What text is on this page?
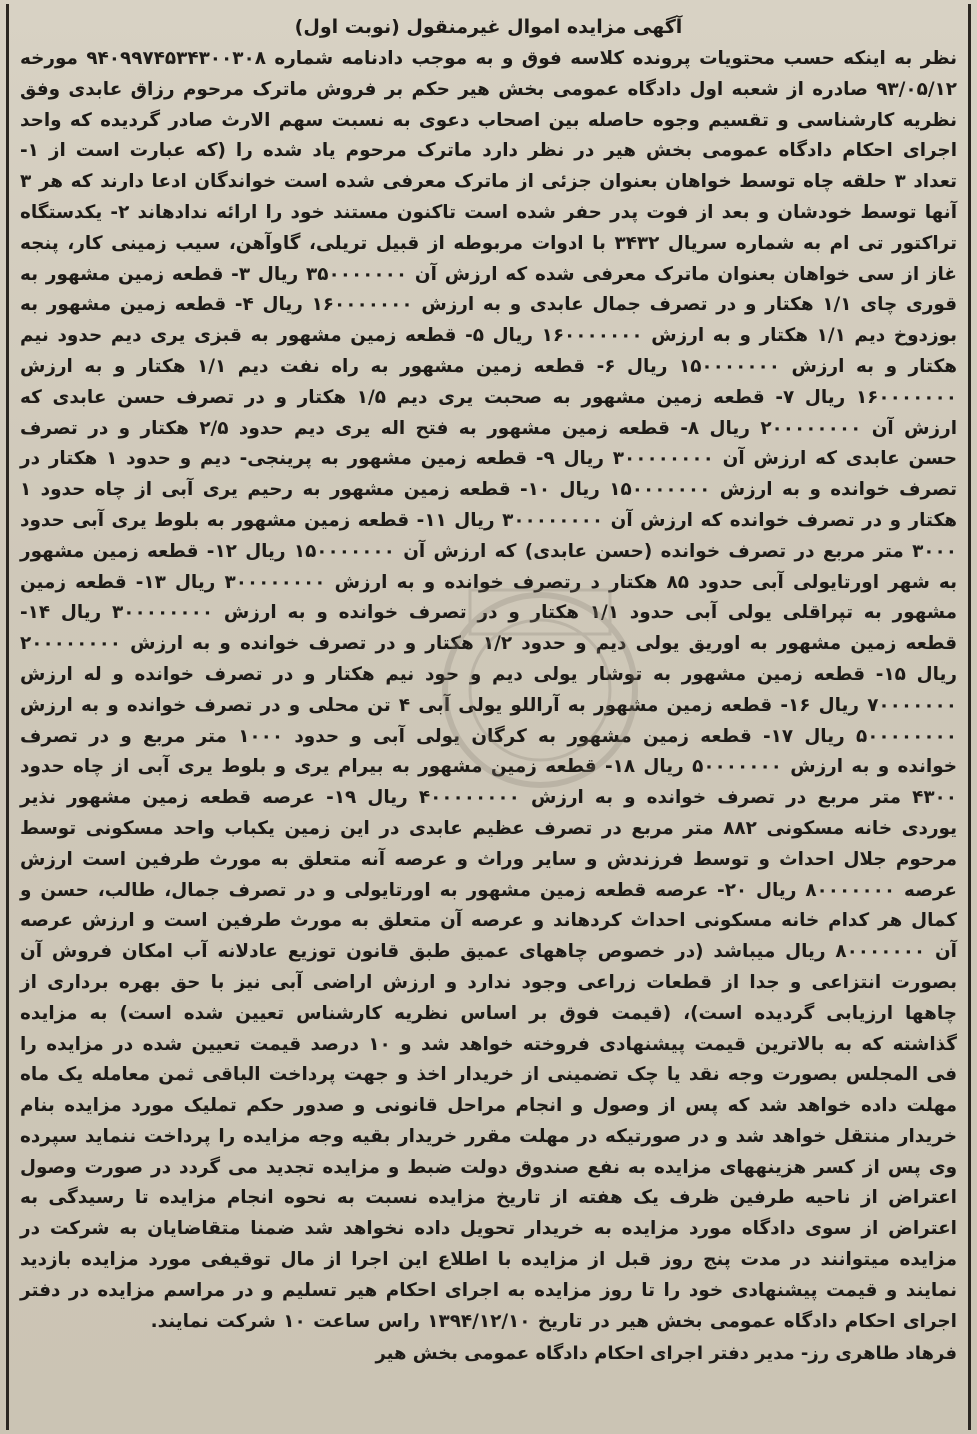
آگهی مزایده اموال غیرمنقول (نوبت اول)
نظر به اینکه حسب محتویات پرونده کلاسه فوق و به موجب دادنامه شماره ۹۴۰۹۹۷۴۵۳۴۳۰۰۳۰۸ مورخه ۹۳/۰۵/۱۲ صادره از شعبه اول دادگاه عمومی بخش هیر حکم بر فروش ماترک مرحوم رزاق عابدی وفق نظریه کارشناسی و تقسیم وجوه حاصله بین اصحاب دعوی به نسبت سهم الارث صادر گردیده که واحد اجرای احکام دادگاه عمومی بخش هیر در نظر دارد ماترک مرحوم یاد شده را (که عبارت است از ۱- تعداد ۳ حلقه چاه توسط خواهان بعنوان جزئی از ماترک معرفی شده است خواندگان ادعا دارند که هر ۳ آنها توسط خودشان و بعد از فوت پدر حفر شده است تاکنون مستند خود را ارائه ندادهاند ۲- یکدستگاه تراکتور تی ام به شماره سریال ۳۴۳۲ با ادوات مربوطه از قبیل تریلی، گاوآهن، سیب زمینی کار، پنجه غاز از سی خواهان بعنوان ماترک معرفی شده که ارزش آن ۳۵۰۰۰۰۰۰۰ ریال ۳- قطعه زمین مشهور به قوری چای ۱/۱ هکتار و در تصرف جمال عابدی و به ارزش ۱۶۰۰۰۰۰۰۰ ریال ۴- قطعه زمین مشهور به بوزدوخ دیم ۱/۱ هکتار و به ارزش ۱۶۰۰۰۰۰۰۰ ریال ۵- قطعه زمین مشهور به قبزی یری دیم حدود نیم هکتار و به ارزش ۱۵۰۰۰۰۰۰۰ ریال ۶- قطعه زمین مشهور به راه نفت دیم ۱/۱ هکتار و به ارزش ۱۶۰۰۰۰۰۰۰ ریال ۷- قطعه زمین مشهور به صحبت یری دیم ۱/۵ هکتار و در تصرف حسن عابدی که ارزش آن ۲۰۰۰۰۰۰۰۰ ریال ۸- قطعه زمین مشهور به فتح اله یری دیم حدود ۲/۵ هکتار و در تصرف حسن عابدی که ارزش آن ۳۰۰۰۰۰۰۰۰ ریال ۹- قطعه زمین مشهور به پرینجی- دیم و حدود ۱ هکتار در تصرف خوانده و به ارزش ۱۵۰۰۰۰۰۰۰ ریال ۱۰- قطعه زمین مشهور به رحیم یری آبی از چاه حدود ۱ هکتار و در تصرف خوانده که ارزش آن ۳۰۰۰۰۰۰۰۰ ریال ۱۱- قطعه زمین مشهور به بلوط یری آبی حدود ۳۰۰۰ متر مربع در تصرف خوانده (حسن عابدی) که ارزش آن ۱۵۰۰۰۰۰۰۰ ریال ۱۲- قطعه زمین مشهور به شهر اورتایولی آبی حدود ۸۵ هکتار د رتصرف خوانده و به ارزش ۳۰۰۰۰۰۰۰۰ ریال ۱۳- قطعه زمین مشهور به تپراقلی یولی آبی حدود ۱/۱ هکتار و در تصرف خوانده و به ارزش ۳۰۰۰۰۰۰۰۰ ریال ۱۴- قطعه زمین مشهور به اوریق یولی دیم و حدود ۱/۲ هکتار و در تصرف خوانده و به ارزش ۲۰۰۰۰۰۰۰۰ ریال ۱۵- قطعه زمین مشهور به توشار یولی دیم و حود نیم هکتار و در تصرف خوانده و له ارزش ۷۰۰۰۰۰۰۰ ریال ۱۶- قطعه زمین مشهور به آراللو یولی آبی ۴ تن محلی و در تصرف خوانده و به ارزش ۵۰۰۰۰۰۰۰۰ ریال ۱۷- قطعه زمین مشهور به کرگان یولی آبی و حدود ۱۰۰۰ متر مربع و در تصرف خوانده و به ارزش ۵۰۰۰۰۰۰۰ ریال ۱۸- قطعه زمین مشهور به بیرام یری و بلوط یری آبی از چاه حدود ۴۳۰۰ متر مربع در تصرف خوانده و به ارزش ۴۰۰۰۰۰۰۰۰ ریال ۱۹- عرصه قطعه زمین مشهور نذیر یوردی خانه مسکونی ۸۸۲ متر مربع در تصرف عظیم عابدی در این زمین یکباب واحد مسکونی توسط مرحوم جلال احداث و توسط فرزندش و سایر وراث و عرصه آنه متعلق به مورث طرفین است ارزش عرصه ۸۰۰۰۰۰۰۰ ریال ۲۰- عرصه قطعه زمین مشهور به اورتایولی و در تصرف جمال، طالب، حسن و کمال هر کدام خانه مسکونی احداث کردهاند و عرصه آن متعلق به مورث طرفین است و ارزش عرصه آن ۸۰۰۰۰۰۰۰ ریال میباشد (در خصوص چاههای عمیق طبق قانون توزیع عادلانه آب امکان فروش آن بصورت انتزاعی و جدا از قطعات زراعی وجود ندارد و ارزش اراضی آبی نیز با حق بهره برداری از چاهها ارزیابی گردیده است)، (قیمت فوق بر اساس نظریه کارشناس تعیین شده است) به مزایده گذاشته که به بالاترین قیمت پیشنهادی فروخته خواهد شد و ۱۰ درصد قیمت تعیین شده در مزایده را فی المجلس بصورت وجه نقد یا چک تضمینی از خریدار اخذ و جهت پرداخت الباقی ثمن معامله یک ماه مهلت داده خواهد شد که پس از وصول و انجام مراحل قانونی و صدور حکم تملیک مورد مزایده بنام خریدار منتقل خواهد شد و در صورتیکه در مهلت مقرر خریدار بقیه وجه مزایده را پرداخت ننماید سپرده وی پس از کسر هزینههای مزایده به نفع صندوق دولت ضبط و مزایده تجدید می گردد در صورت وصول اعتراض از ناحیه طرفین ظرف یک هفته از تاریخ مزایده نسبت به نحوه انجام مزایده تا رسیدگی به اعتراض از سوی دادگاه مورد مزایده به خریدار تحویل داده نخواهد شد ضمنا متقاضایان به شرکت در مزایده میتوانند در مدت پنج روز قبل از مزایده با اطلاع این اجرا از مال توقیفی مورد مزایده بازدید نمایند و قیمت پیشنهادی خود را تا روز مزایده به اجرای احکام هیر تسلیم و در مراسم مزایده در دفتر اجرای احکام دادگاه عمومی بخش هیر در تاریخ ۱۳۹۴/۱۲/۱۰ راس ساعت ۱۰ شرکت نمایند.
فرهاد طاهری رز- مدیر دفتر اجرای احکام دادگاه عمومی بخش هیر
